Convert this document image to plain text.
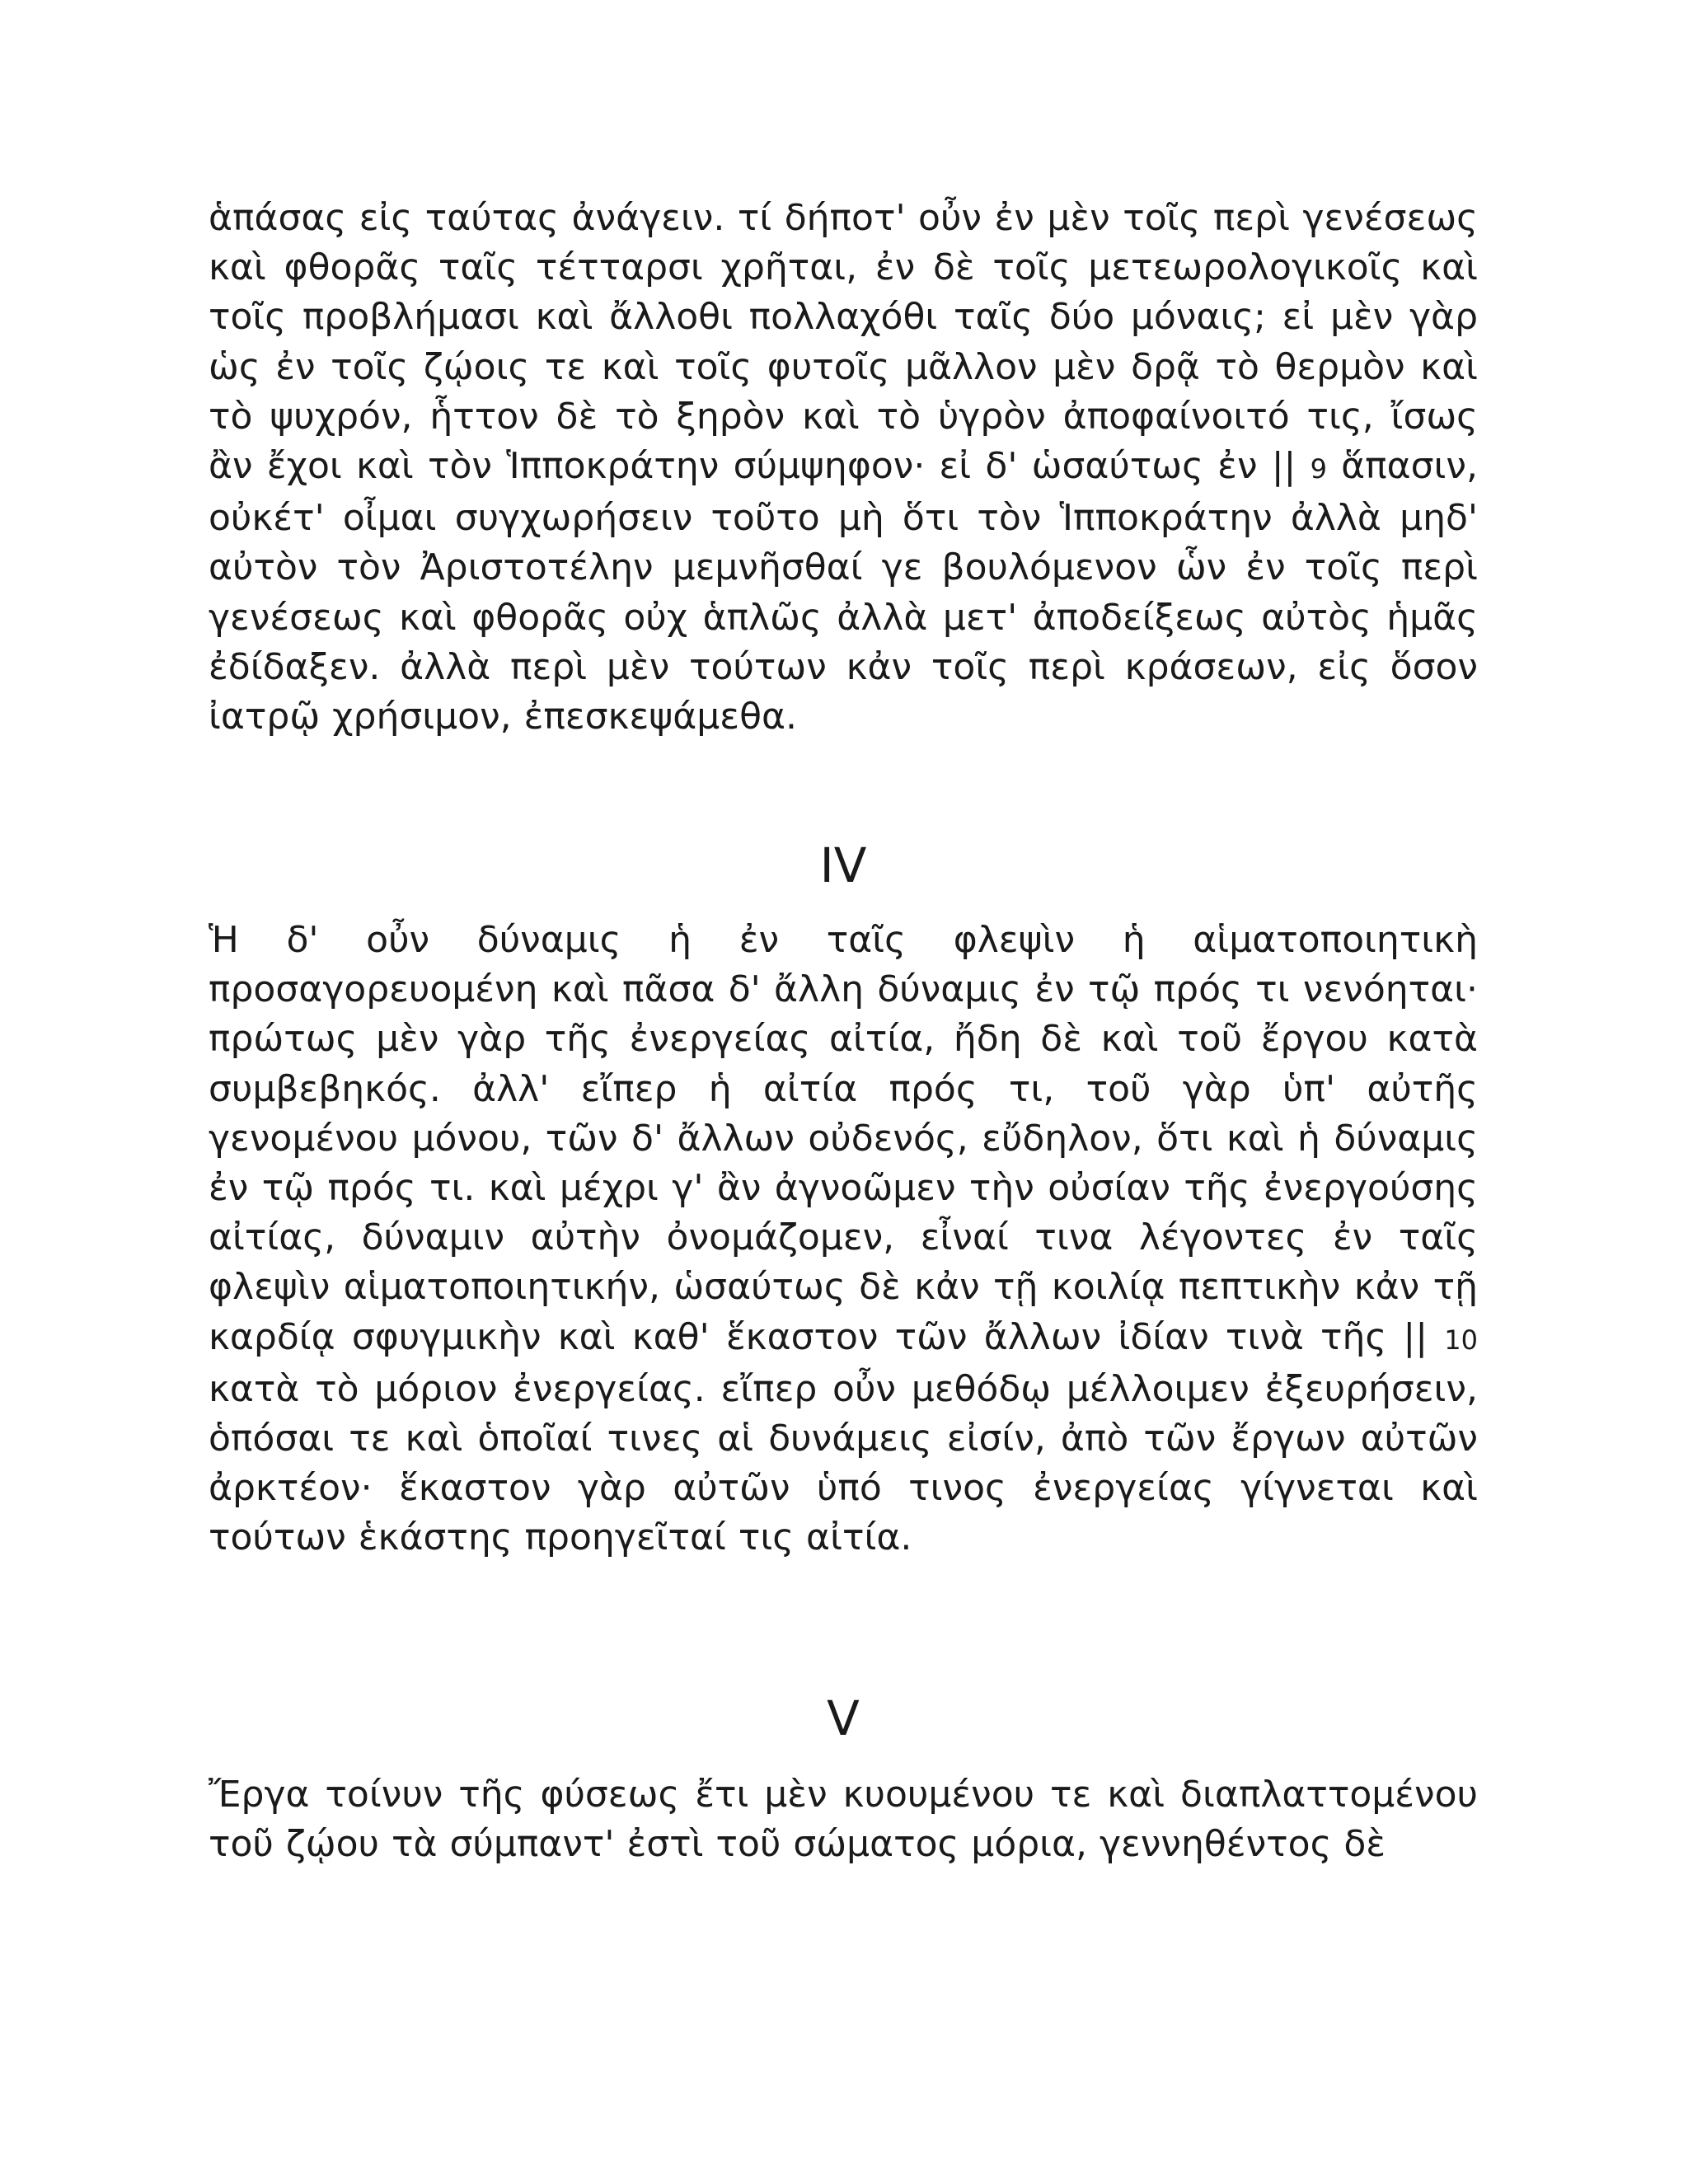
ἁπάσας εἰς ταύτας ἀνάγειν. τί δήποτ' οὖν ἐν μὲν τοῖς περὶ γενέσεως καὶ φθορᾶς ταῖς τέτταρσι χρῆται, ἐν δὲ τοῖς μετεωρολογικοῖς καὶ τοῖς προβλήμασι καὶ ἄλλοθι πολλαχόθι ταῖς δύο μόναις; εἰ μὲν γὰρ ὡς ἐν τοῖς ζῴοις τε καὶ τοῖς φυτοῖς μᾶλλον μὲν δρᾷ τὸ θερμὸν καὶ τὸ ψυχρόν, ἧττον δὲ τὸ ξηρὸν καὶ τὸ ὑγρὸν ἀποφαίνοιτό τις, ἴσως ἂν ἔχοι καὶ τὸν Ἱπποκράτην σύμψηφον· εἰ δ' ὡσαύτως ἐν || 9 ἅπασιν, οὐκέτ' οἶμαι συγχωρήσειν τοῦτο μὴ ὅτι τὸν Ἱπποκράτην ἀλλὰ μηδ' αὐτὸν τὸν Ἀριστοτέλην μεμνῆσθαί γε βουλόμενον ὧν ἐν τοῖς περὶ γενέσεως καὶ φθορᾶς οὐχ ἁπλῶς ἀλλὰ μετ' ἀποδείξεως αὐτὸς ἡμᾶς ἐδίδαξεν. ἀλλὰ περὶ μὲν τούτων κἀν τοῖς περὶ κράσεων, εἰς ὅσον ἰατρῷ χρήσιμον, ἐπεσκεψάμεθα.

IV

Ἡ δ' οὖν δύναμις ἡ ἐν ταῖς φλεψὶν ἡ αἱματοποιητικὴ προσαγορευομένη καὶ πᾶσα δ' ἄλλη δύναμις ἐν τῷ πρός τι νενόηται· πρώτως μὲν γὰρ τῆς ἐνεργείας αἰτία, ἤδη δὲ καὶ τοῦ ἔργου κατὰ συμβεβηκός. ἀλλ' εἴπερ ἡ αἰτία πρός τι, τοῦ γὰρ ὑπ' αὐτῆς γενομένου μόνου, τῶν δ' ἄλλων οὐδενός, εὔδηλον, ὅτι καὶ ἡ δύναμις ἐν τῷ πρός τι. καὶ μέχρι γ' ἂν ἀγνοῶμεν τὴν οὐσίαν τῆς ἐνεργούσης αἰτίας, δύναμιν αὐτὴν ὀνομάζομεν, εἶναί τινα λέγοντες ἐν ταῖς φλεψὶν αἱματοποιητικήν, ὡσαύτως δὲ κἀν τῇ κοιλίᾳ πεπτικὴν κἀν τῇ καρδίᾳ σφυγμικὴν καὶ καθ' ἕκαστον τῶν ἄλλων ἰδίαν τινὰ τῆς || 10 κατὰ τὸ μόριον ἐνεργείας. εἴπερ οὖν μεθόδῳ μέλλοιμεν ἐξευρήσειν, ὁπόσαι τε καὶ ὁποῖαί τινες αἱ δυνάμεις εἰσίν, ἀπὸ τῶν ἔργων αὐτῶν ἀρκτέον· ἕκαστον γὰρ αὐτῶν ὑπό τινος ἐνεργείας γίγνεται καὶ τούτων ἑκάστης προηγεῖταί τις αἰτία.

V

Ἔργα τοίνυν τῆς φύσεως ἔτι μὲν κυουμένου τε καὶ διαπλαττομένου τοῦ ζῴου τὰ σύμπαντ' ἐστὶ τοῦ σώματος μόρια, γεννηθέντος δὲ
